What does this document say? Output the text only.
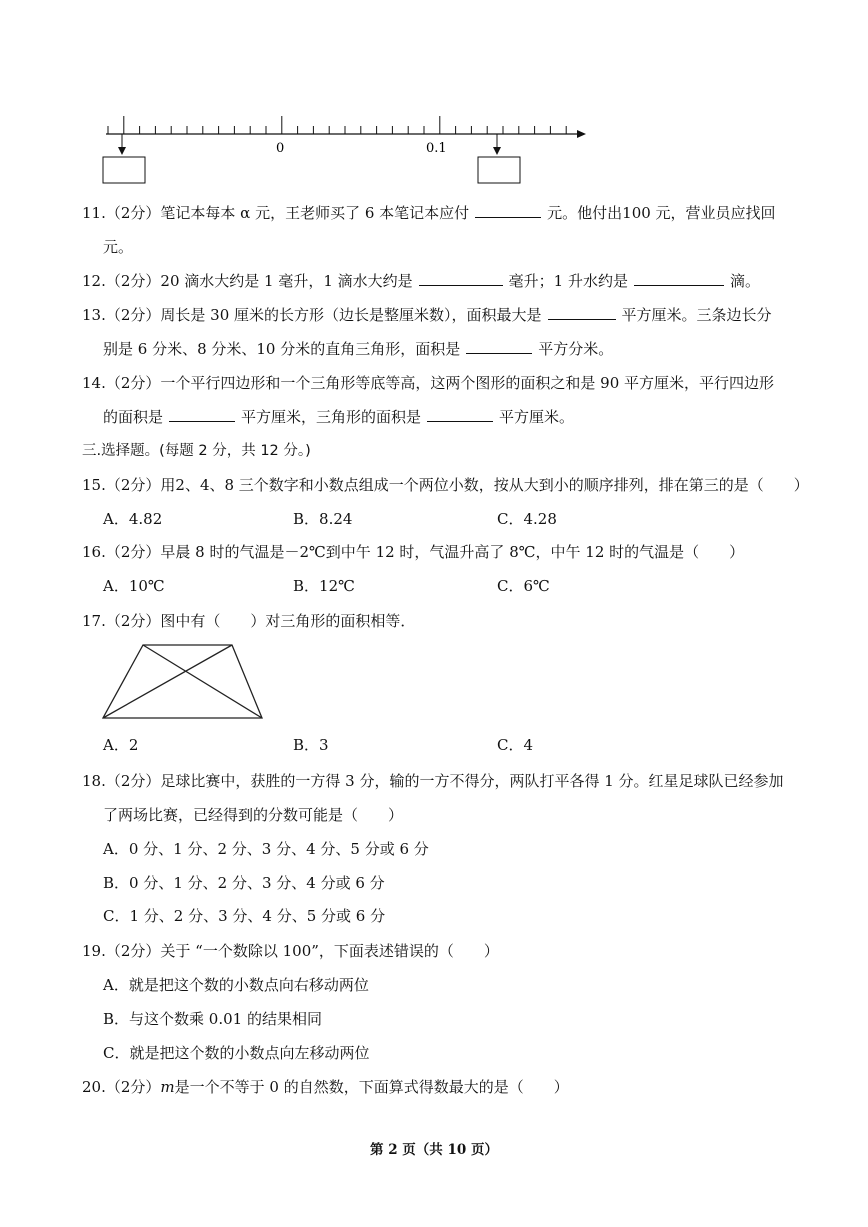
0	0.1
11.（2分）笔记本每本 α 元，王老师买了 6 本笔记本应付	元。他付出100 元，营业员应找回
元。
12.（2分）20 滴水大约是 1 毫升，1 滴水大约是	毫升；1 升水约是	滴。
13.（2分）周长是 30 厘米的长方形（边长是整厘米数），面积最大是	平方厘米。三条边长分
别是 6 分米、8 分米、10 分米的直角三角形，面积是	平方分米。
14.（2分）一个平行四边形和一个三角形等底等高，这两个图形的面积之和是 90 平方厘米，平行四边形
的面积是	平方厘米，三角形的面积是	平方厘米。
三.选择题。(每题 2 分，共 12 分。)
15.（2分）用2、4、8 三个数字和小数点组成一个两位小数，按从大到小的顺序排列，排在第三的是（　　）
A．4.82	B．8.24	C．4.28
16.（2分）早晨 8 时的气温是－2℃到中午 12 时，气温升高了 8℃，中午 12 时的气温是（　　）
A．10℃	B．12℃	C．6℃
17.（2分）图中有（　　）对三角形的面积相等．
A．2	B．3	C．4
18.（2分）足球比赛中，获胜的一方得 3 分，输的一方不得分，两队打平各得 1 分。红星足球队已经参加
了两场比赛，已经得到的分数可能是（　　）
A．0 分、1 分、2 分、3 分、4 分、5 分或 6 分
B．0 分、1 分、2 分、3 分、4 分或 6 分
C．1 分、2 分、3 分、4 分、5 分或 6 分
19.（2分）关于 “一个数除以 100”，下面表述错误的（　　）
A．就是把这个数的小数点向右移动两位
B．与这个数乘 0.01 的结果相同
C．就是把这个数的小数点向左移动两位
20.（2分）m是一个不等于 0 的自然数，下面算式得数最大的是（　　）
第 2 页（共 10 页）
